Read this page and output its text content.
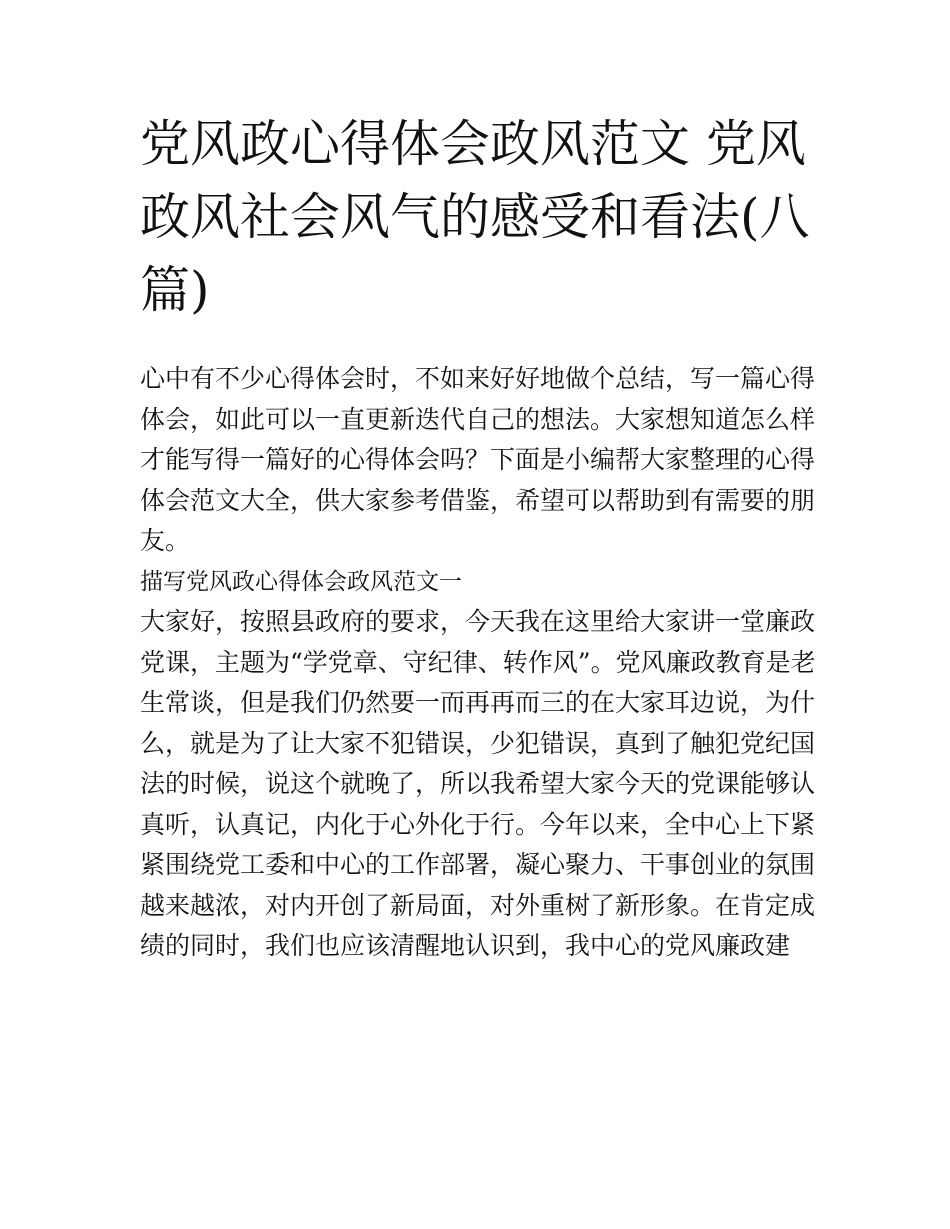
党风政心得体会政风范文 党风政风社会风气的感受和看法(八篇)

心中有不少心得体会时，不如来好好地做个总结，写一篇心得体会，如此可以一直更新迭代自己的想法。大家想知道怎么样才能写得一篇好的心得体会吗？下面是小编帮大家整理的心得体会范文大全，供大家参考借鉴，希望可以帮助到有需要的朋友。

描写党风政心得体会政风范文一

大家好，按照县政府的要求，今天我在这里给大家讲一堂廉政党课，主题为“学党章、守纪律、转作风”。党风廉政教育是老生常谈，但是我们仍然要一而再再而三的在大家耳边说，为什么，就是为了让大家不犯错误，少犯错误，真到了触犯党纪国法的时候，说这个就晚了，所以我希望大家今天的党课能够认真听，认真记，内化于心外化于行。今年以来，全中心上下紧紧围绕党工委和中心的工作部署，凝心聚力、干事创业的氛围越来越浓，对内开创了新局面，对外重树了新形象。在肯定成绩的同时，我们也应该清醒地认识到，我中心的党风廉政建
